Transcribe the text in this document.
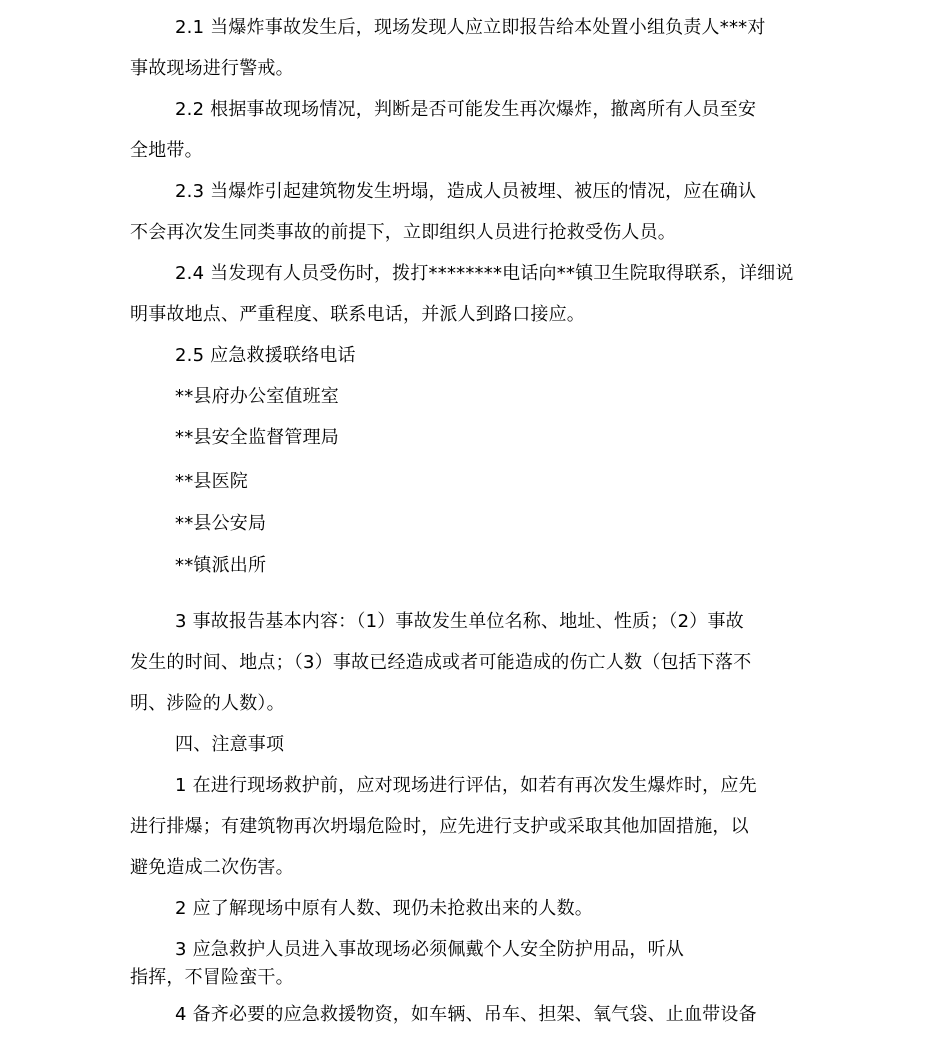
2.1 当爆炸事故发生后，现场发现人应立即报告给本处置小组负责人***对
事故现场进行警戒。
2.2 根据事故现场情况，判断是否可能发生再次爆炸，撤离所有人员至安
全地带。
2.3 当爆炸引起建筑物发生坍塌，造成人员被埋、被压的情况，应在确认
不会再次发生同类事故的前提下，立即组织人员进行抢救受伤人员。
2.4 当发现有人员受伤时，拨打********电话向**镇卫生院取得联系，详细说
明事故地点、严重程度、联系电话，并派人到路口接应。
2.5 应急救援联络电话
**县府办公室值班室
**县安全监督管理局
**县医院
**县公安局
**镇派出所
3 事故报告基本内容：（1）事故发生单位名称、地址、性质；（2）事故
发生的时间、地点；（3）事故已经造成或者可能造成的伤亡人数（包括下落不
明、涉险的人数）。
四、注意事项
1 在进行现场救护前，应对现场进行评估，如若有再次发生爆炸时，应先
进行排爆；有建筑物再次坍塌危险时，应先进行支护或采取其他加固措施，以
避免造成二次伤害。
2 应了解现场中原有人数、现仍未抢救出来的人数。
3 应急救护人员进入事故现场必须佩戴个人安全防护用品，听从
指挥，不冒险蛮干。
4 备齐必要的应急救援物资，如车辆、吊车、担架、氧气袋、止血带设备
